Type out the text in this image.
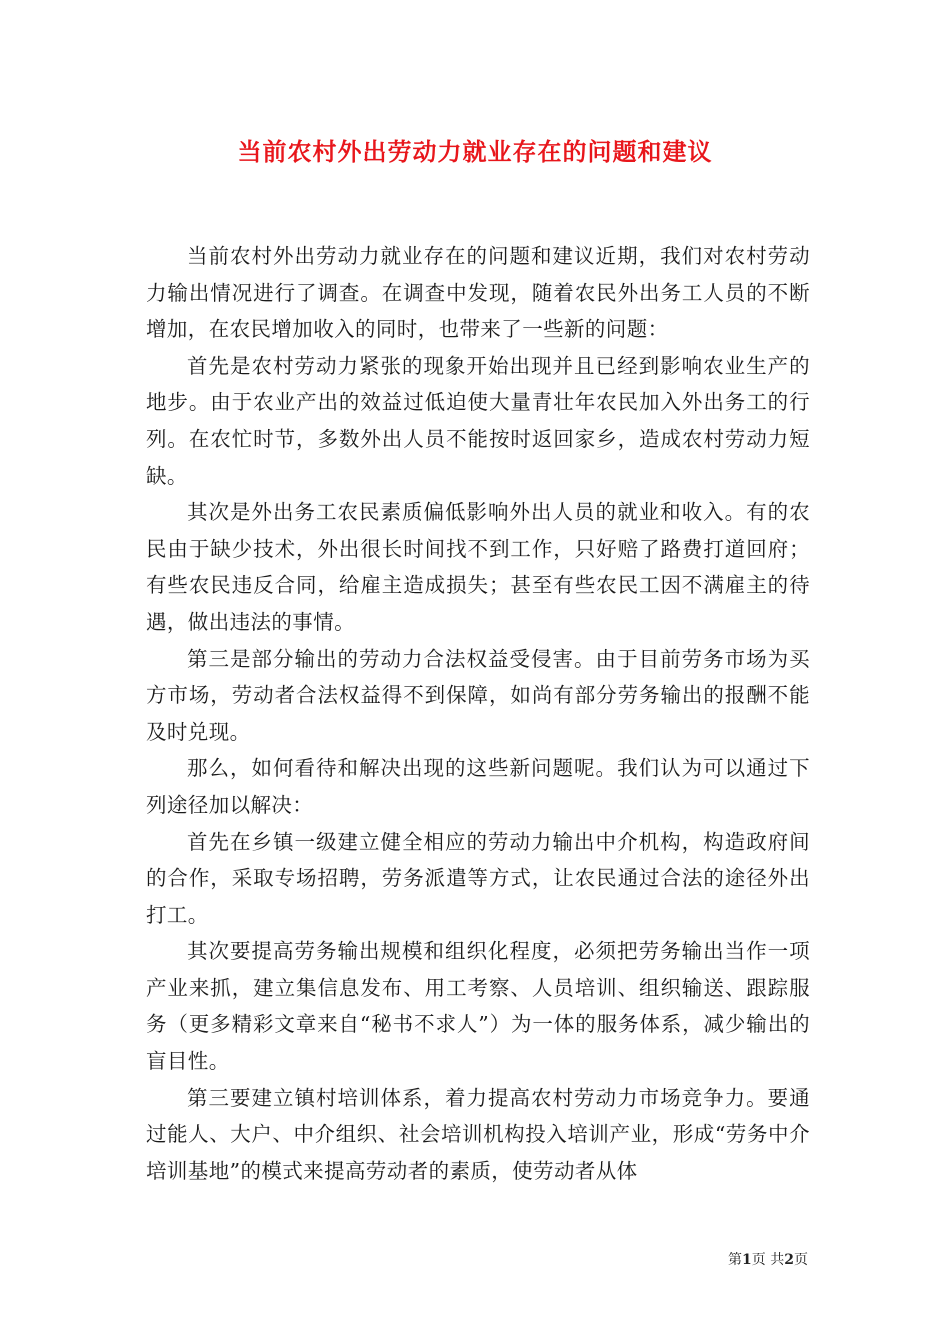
当前农村外出劳动力就业存在的问题和建议

当前农村外出劳动力就业存在的问题和建议近期，我们对农村劳动力输出情况进行了调查。在调查中发现，随着农民外出务工人员的不断增加，在农民增加收入的同时，也带来了一些新的问题：

首先是农村劳动力紧张的现象开始出现并且已经到影响农业生产的地步。由于农业产出的效益过低迫使大量青壮年农民加入外出务工的行列。在农忙时节，多数外出人员不能按时返回家乡，造成农村劳动力短缺。

其次是外出务工农民素质偏低影响外出人员的就业和收入。有的农民由于缺少技术，外出很长时间找不到工作，只好赔了路费打道回府；有些农民违反合同，给雇主造成损失；甚至有些农民工因不满雇主的待遇，做出违法的事情。

第三是部分输出的劳动力合法权益受侵害。由于目前劳务市场为买方市场，劳动者合法权益得不到保障，如尚有部分劳务输出的报酬不能及时兑现。

那么，如何看待和解决出现的这些新问题呢。我们认为可以通过下列途径加以解决：

首先在乡镇一级建立健全相应的劳动力输出中介机构，构造政府间的合作，采取专场招聘，劳务派遣等方式，让农民通过合法的途径外出打工。

其次要提高劳务输出规模和组织化程度，必须把劳务输出当作一项产业来抓，建立集信息发布、用工考察、人员培训、组织输送、跟踪服务（更多精彩文章来自“秘书不求人”）为一体的服务体系，减少输出的盲目性。

第三要建立镇村培训体系，着力提高农村劳动力市场竞争力。要通过能人、大户、中介组织、社会培训机构投入培训产业，形成“劳务中介培训基地”的模式来提高劳动者的素质，使劳动者从体

第1页 共2页
